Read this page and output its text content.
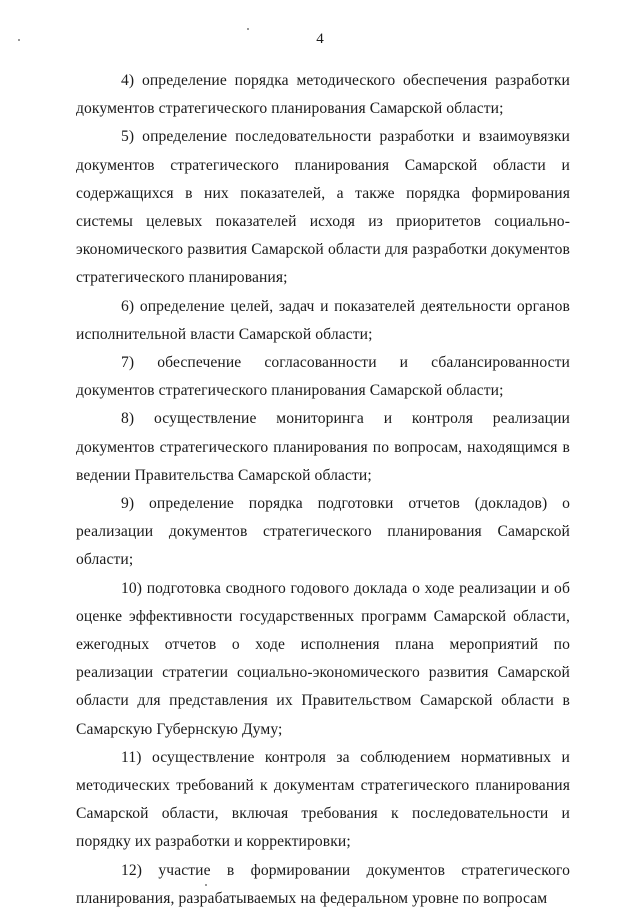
4

4) определение порядка методического обеспечения разработки документов стратегического планирования Самарской области;

5) определение последовательности разработки и взаимоувязки документов стратегического планирования Самарской области и содержащихся в них показателей, а также порядка формирования системы целевых показателей исходя из приоритетов социально-экономического развития Самарской области для разработки документов стратегического планирования;

6) определение целей, задач и показателей деятельности органов исполнительной власти Самарской области;

7) обеспечение согласованности и сбалансированности документов стратегического планирования Самарской области;

8) осуществление мониторинга и контроля реализации документов стратегического планирования по вопросам, находящимся в ведении Правительства Самарской области;

9) определение порядка подготовки отчетов (докладов) о реализации документов стратегического планирования Самарской области;

10) подготовка сводного годового доклада о ходе реализации и об оценке эффективности государственных программ Самарской области, ежегодных отчетов о ходе исполнения плана мероприятий по реализации стратегии социально-экономического развития Самарской области для представления их Правительством Самарской области в Самарскую Губернскую Думу;

11) осуществление контроля за соблюдением нормативных и методических требований к документам стратегического планирования Самарской области, включая требования к последовательности и порядку их разработки и корректировки;

12) участие в формировании документов стратегического планирования, разрабатываемых на федеральном уровне по вопросам
